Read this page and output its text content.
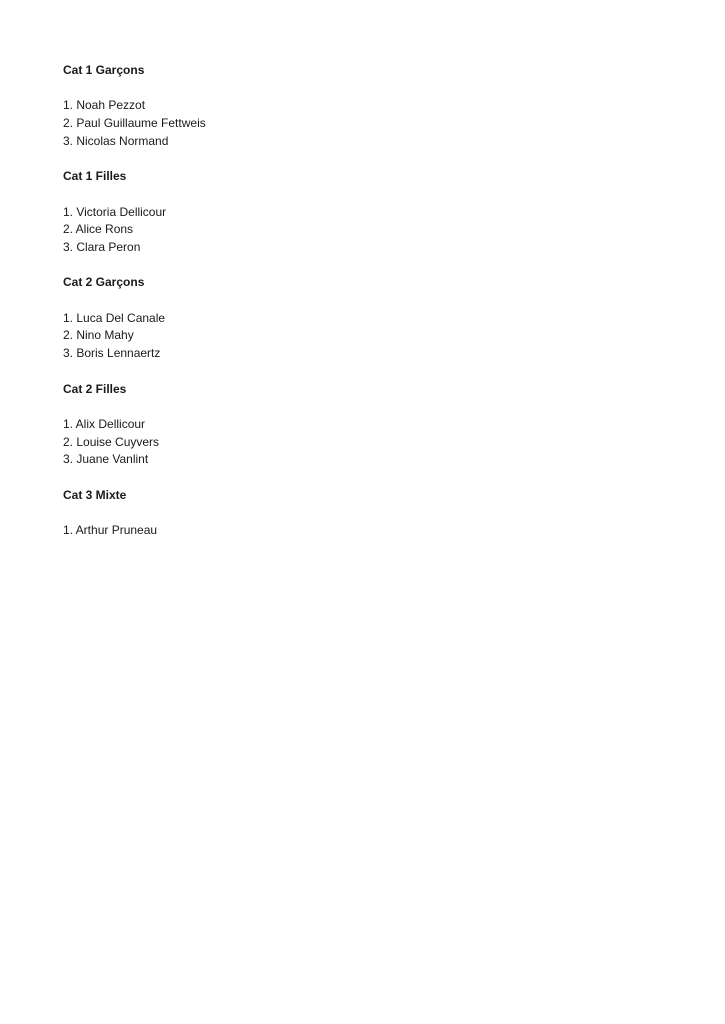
Cat 1 Garçons

1. Noah Pezzot

2. Paul Guillaume Fettweis

3. Nicolas Normand

Cat 1 Filles

1. Victoria Dellicour

2. Alice Rons

3. Clara Peron

Cat 2 Garçons

1. Luca Del Canale

2. Nino Mahy

3. Boris Lennaertz

Cat 2 Filles

1. Alix Dellicour

2. Louise Cuyvers

3. Juane Vanlint

Cat 3 Mixte

1. Arthur Pruneau
